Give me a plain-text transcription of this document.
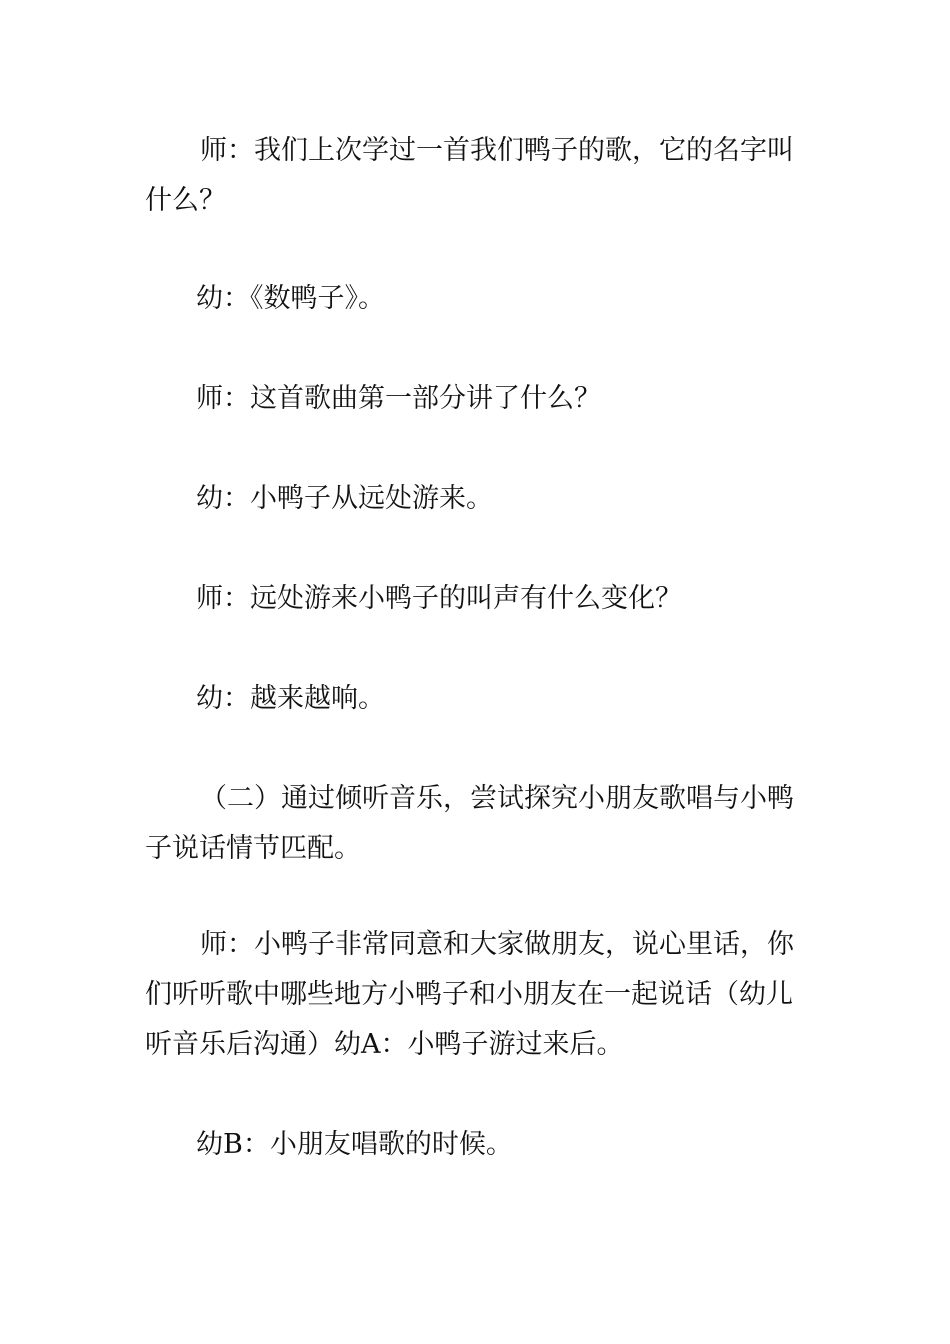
师：我们上次学过一首我们鸭子的歌，它的名字叫什么？

幼：《数鸭子》。

师：这首歌曲第一部分讲了什么？

幼：小鸭子从远处游来。

师：远处游来小鸭子的叫声有什么变化？

幼：越来越响。

（二）通过倾听音乐，尝试探究小朋友歌唱与小鸭子说话情节匹配。

师：小鸭子非常同意和大家做朋友，说心里话，你们听听歌中哪些地方小鸭子和小朋友在一起说话（幼儿听音乐后沟通）幼A：小鸭子游过来后。

幼B：小朋友唱歌的时候。
